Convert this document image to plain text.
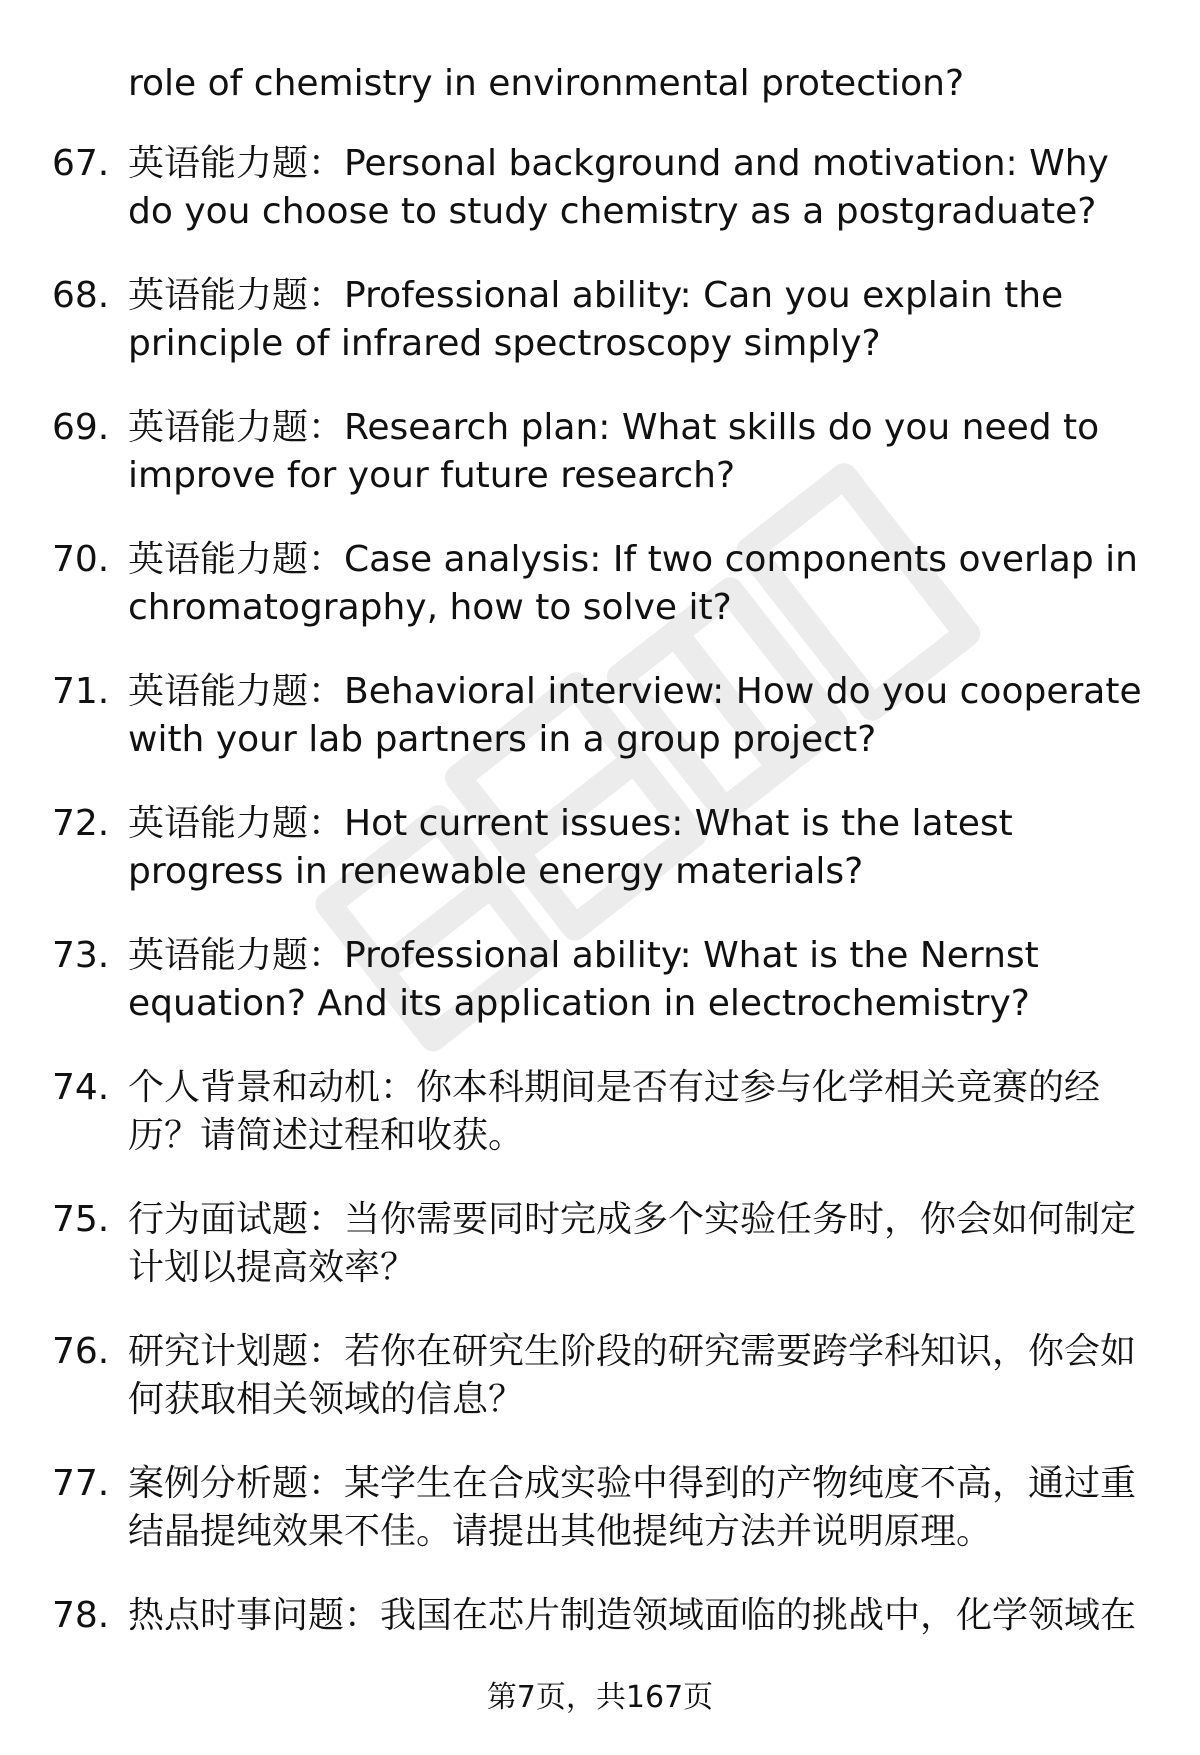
role of chemistry in environmental protection?
67. 英语能力题：Personal background and motivation: Why do you choose to study chemistry as a postgraduate?
68. 英语能力题：Professional ability: Can you explain the principle of infrared spectroscopy simply?
69. 英语能力题：Research plan: What skills do you need to improve for your future research?
70. 英语能力题：Case analysis: If two components overlap in chromatography, how to solve it?
71. 英语能力题：Behavioral interview: How do you cooperate with your lab partners in a group project?
72. 英语能力题：Hot current issues: What is the latest progress in renewable energy materials?
73. 英语能力题：Professional ability: What is the Nernst equation? And its application in electrochemistry?
74. 个人背景和动机：你本科期间是否有过参与化学相关竞赛的经历？请简述过程和收获。
75. 行为面试题：当你需要同时完成多个实验任务时，你会如何制定计划以提高效率？
76. 研究计划题：若你在研究生阶段的研究需要跨学科知识，你会如何获取相关领域的信息？
77. 案例分析题：某学生在合成实验中得到的产物纯度不高，通过重结晶提纯效果不佳。请提出其他提纯方法并说明原理。
78. 热点时事问题：我国在芯片制造领域面临的挑战中，化学领域在
第7页，共167页
